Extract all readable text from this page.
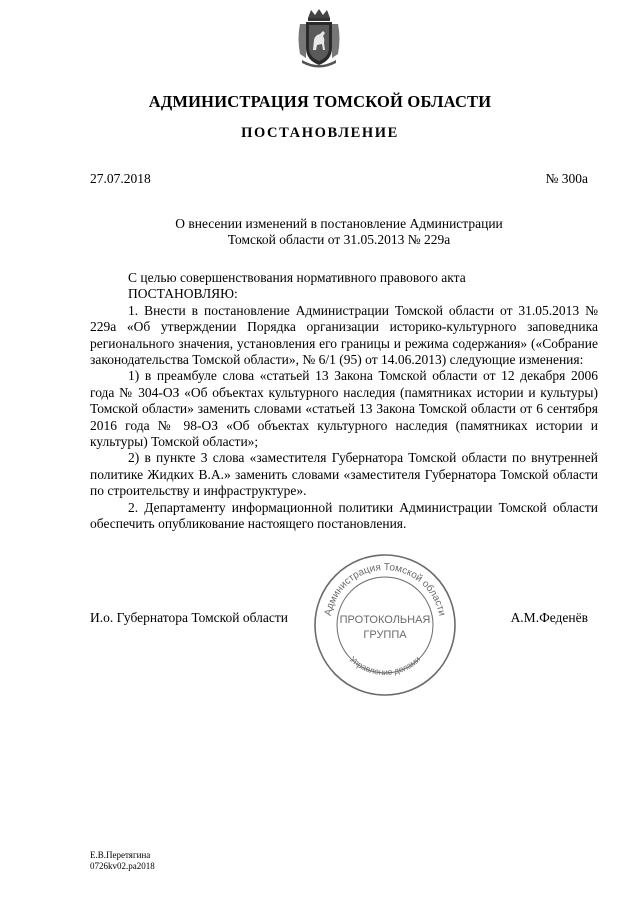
АДМИНИСТРАЦИЯ ТОМСКОЙ ОБЛАСТИ
ПОСТАНОВЛЕНИЕ
27.07.2018	№ 300а
О внесении изменений в постановление Администрации
Томской области от 31.05.2013 № 229а

С целью совершенствования нормативного правового акта

ПОСТАНОВЛЯЮ:

1. Внести в постановление Администрации Томской области от 31.05.2013 № 229а «Об утверждении Порядка организации историко-культурного заповедника регионального значения, установления его границы и режима содержания» («Собрание законодательства Томской области», № 6/1 (95) от 14.06.2013) следующие изменения:

1) в преамбуле слова «статьей 13 Закона Томской области от 12 декабря 2006 года № 304-ОЗ «Об объектах культурного наследия (памятниках истории и культуры) Томской области» заменить словами «статьей 13 Закона Томской области от 6 сентября 2016 года № 98-ОЗ «Об объектах культурного наследия (памятниках истории и культуры) Томской области»;

2) в пункте 3 слова «заместителя Губернатора Томской области по внутренней политике Жидких В.А.» заменить словами «заместителя Губернатора Томской области по строительству и инфраструктуре».

2. Департаменту информационной политики Администрации Томской области обеспечить опубликование настоящего постановления.

И.о. Губернатора Томской области	А.М.Феденёв
Администрация Томской области
Управление делами
ПРОТОКОЛЬНАЯ
ГРУППА
Е.В.Перетягина
0726kv02.pa2018
